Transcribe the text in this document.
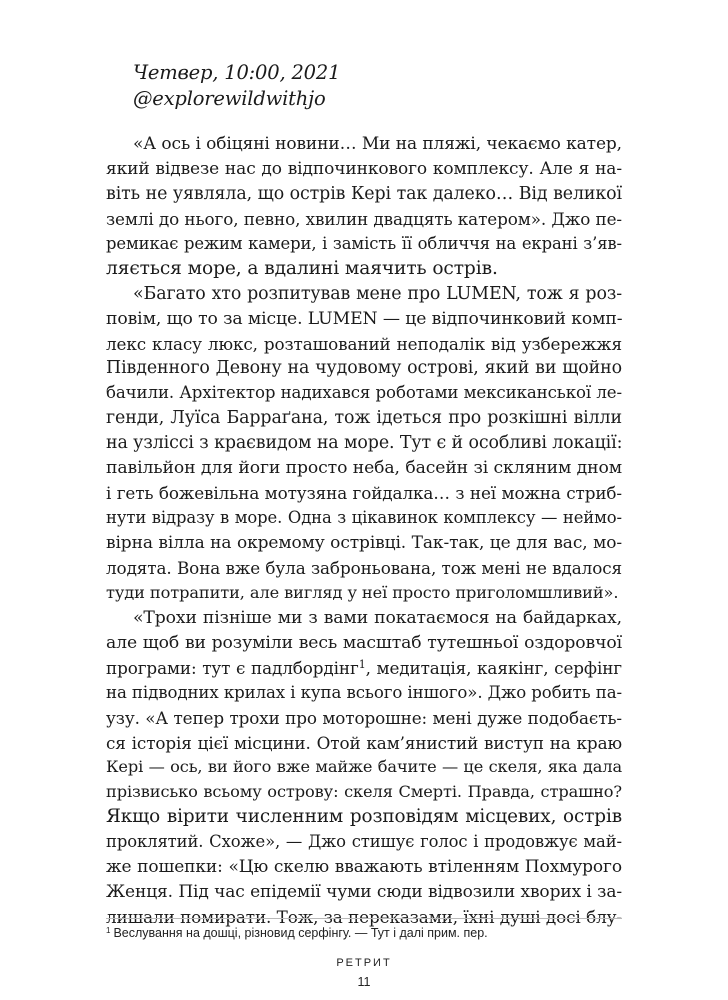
Четвер, 10:00, 2021
@explorewildwithjo
«А ось і обіцяні новини… Ми на пляжі, чекаємо катер,
який відвезе нас до відпочинкового комплексу. Але я на-
віть не уявляла, що острів Кері так далеко… Від великої
землі до нього, певно, хвилин двадцять катером». Джо пе-
ремикає режим камери, і замість її обличчя на екрані з’яв-
ляється море, а вдалині маячить острів.
«Багато хто розпитував мене про LUMEN, тож я роз-
повім, що то за місце. LUMEN — це відпочинковий комп-
лекс класу люкс, розташований неподалік від узбережжя
Південного Девону на чудовому острові, який ви щойно
бачили. Архітектор надихався роботами мексиканської ле-
генди, Луїса Барраґана, тож ідеться про розкішні вілли
на узліссі з краєвидом на море. Тут є й особливі локації:
павільйон для йоги просто неба, басейн зі скляним дном
і геть божевільна мотузяна гойдалка… з неї можна стриб-
нути відразу в море. Одна з цікавинок комплексу — неймо-
вірна вілла на окремому острівці. Так-так, це для вас, мо-
лодята. Вона вже була заброньована, тож мені не вдалося
туди потрапити, але вигляд у неї просто приголомшливий».
«Трохи пізніше ми з вами покатаємося на байдарках,
але щоб ви розуміли весь масштаб тутешньої оздоровчої
програми: тут є падлбордінг$^1$, медитація, каякінг, серфінг
на підводних крилах і купа всього іншого». Джо робить па-
узу. «А тепер трохи про моторошне: мені дуже подобаєть-
ся історія цієї місцини. Отой кам’янистий виступ на краю
Кері — ось, ви його вже майже бачите — це скеля, яка дала
прізвисько всьому острову: скеля Смерті. Правда, страшно?
Якщо вірити численним розповідям місцевих, острів
проклятий. Схоже», — Джо стишує голос і продовжує май-
же пошепки: «Цю скелю вважають втіленням Похмурого
Женця. Під час епідемії чуми сюди відвозили хворих і за-
лишали помирати. Тож, за переказами, їхні душі досі блу-
$^1$ Веслування на дошці, різновид серфінгу. — Тут і далі прим. пер.
РЕТРИТ
11
